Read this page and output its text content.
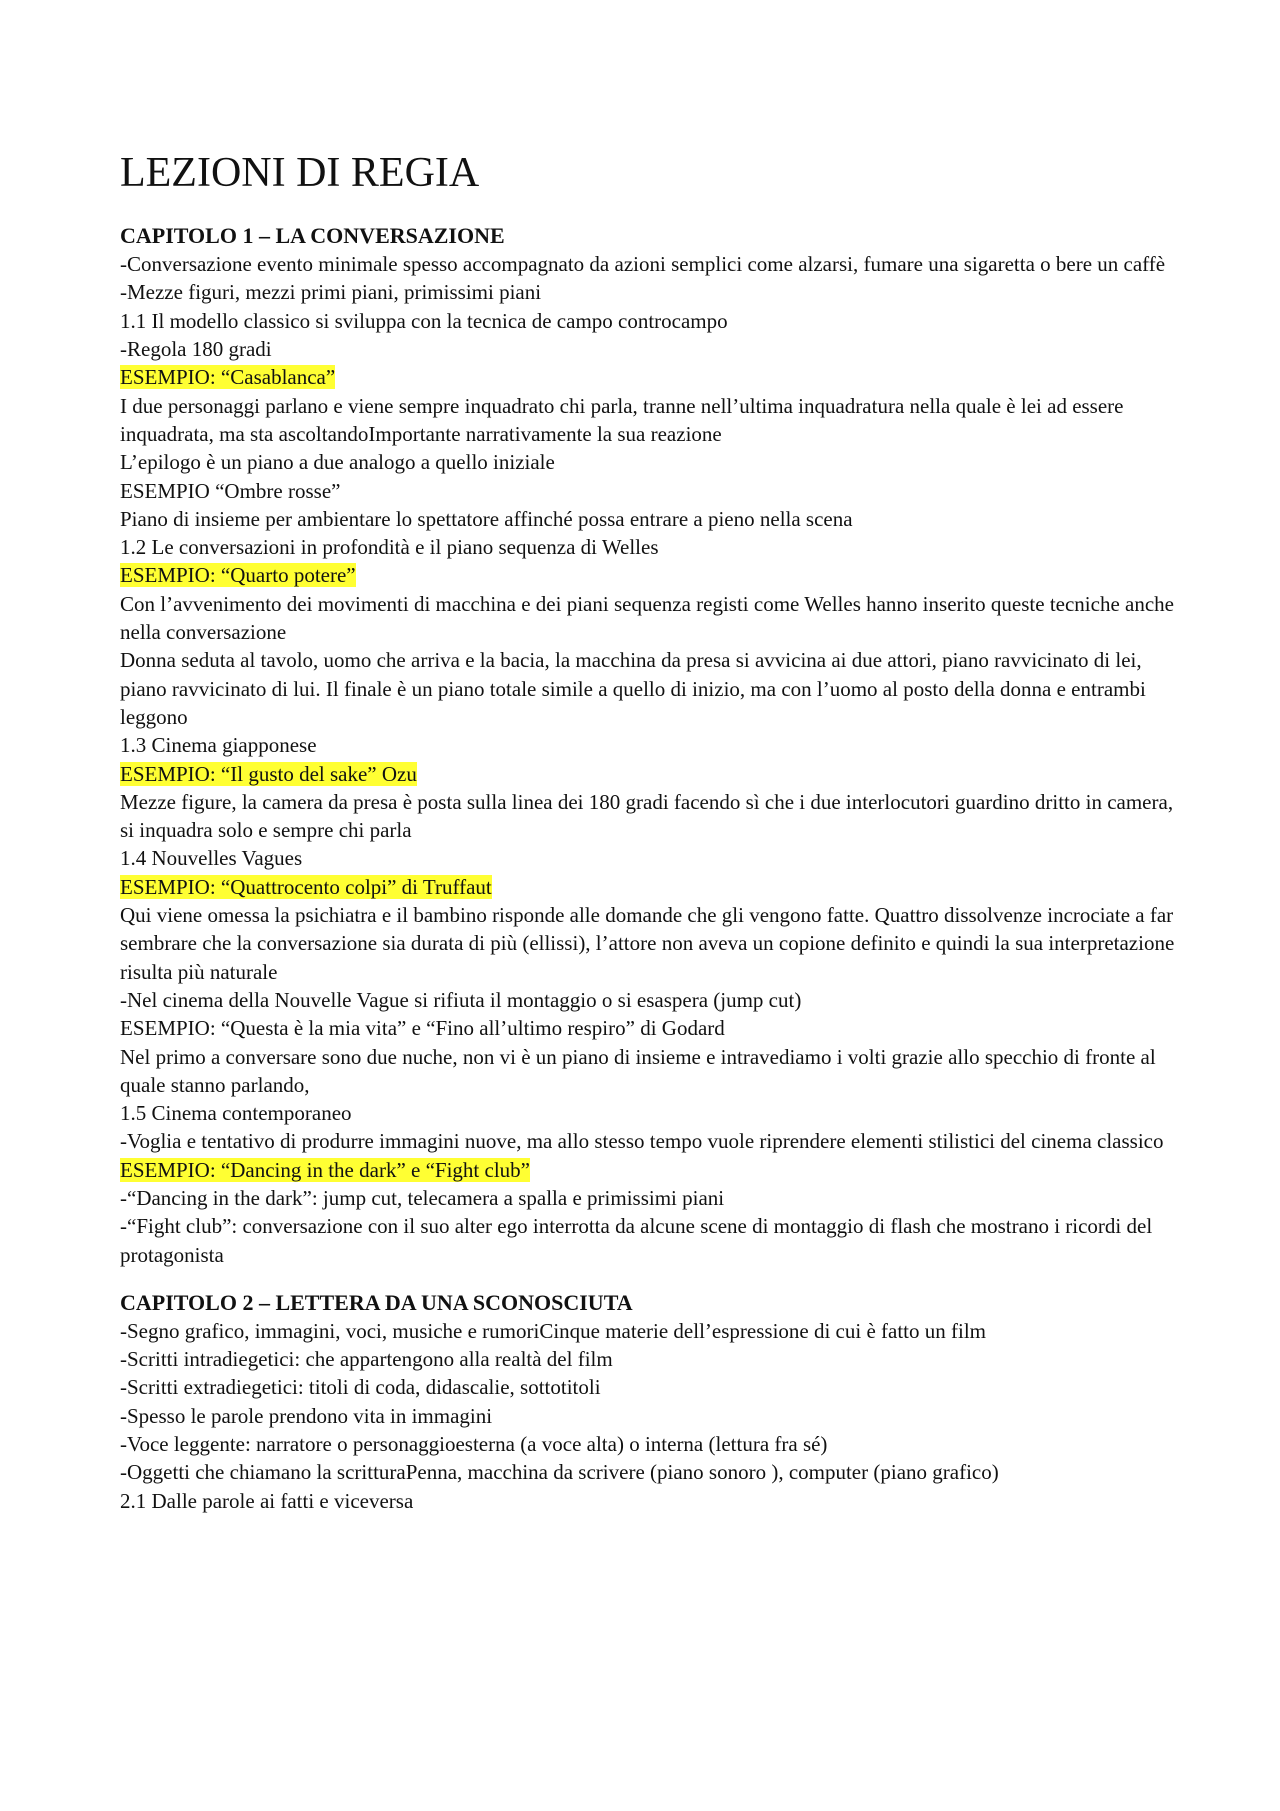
LEZIONI DI REGIA
CAPITOLO 1 – LA CONVERSAZIONE

-Conversazione evento minimale spesso accompagnato da azioni semplici come alzarsi, fumare una sigaretta o bere un caffè

-Mezze figuri, mezzi primi piani, primissimi piani

1.1 Il modello classico si sviluppa con la tecnica de campo controcampo

-Regola 180 gradi

ESEMPIO: “Casablanca”

I due personaggi parlano e viene sempre inquadrato chi parla, tranne nell’ultima inquadratura nella quale è lei ad essere inquadrata, ma sta ascoltandoImportante narrativamente la sua reazione

L’epilogo è un piano a due analogo a quello iniziale

ESEMPIO “Ombre rosse”

Piano di insieme per ambientare lo spettatore affinché possa entrare a pieno nella scena

1.2 Le conversazioni in profondità e il piano sequenza di Welles

ESEMPIO: “Quarto potere”

Con l’avvenimento dei movimenti di macchina e dei piani sequenza registi come Welles hanno inserito queste tecniche anche nella conversazione

Donna seduta al tavolo, uomo che arriva e la bacia, la macchina da presa si avvicina ai due attori, piano ravvicinato di lei, piano ravvicinato di lui. Il finale è un piano totale simile a quello di inizio, ma con l’uomo al posto della donna e entrambi leggono

1.3 Cinema giapponese

ESEMPIO: “Il gusto del sake” Ozu

Mezze figure, la camera da presa è posta sulla linea dei 180 gradi facendo sì che i due interlocutori guardino dritto in camera, si inquadra solo e sempre chi parla

1.4 Nouvelles Vagues

ESEMPIO: “Quattrocento colpi” di Truffaut

Qui viene omessa la psichiatra e il bambino risponde alle domande che gli vengono fatte. Quattro dissolvenze incrociate a far sembrare che la conversazione sia durata di più (ellissi), l’attore non aveva un copione definito e quindi la sua interpretazione risulta più naturale

-Nel cinema della Nouvelle Vague si rifiuta il montaggio o si esaspera (jump cut)

ESEMPIO: “Questa è la mia vita” e “Fino all’ultimo respiro” di Godard

Nel primo a conversare sono due nuche, non vi è un piano di insieme e intravediamo i volti grazie allo specchio di fronte al quale stanno parlando,

1.5 Cinema contemporaneo

-Voglia e tentativo di produrre immagini nuove, ma allo stesso tempo vuole riprendere elementi stilistici del cinema classico

ESEMPIO: “Dancing in the dark” e “Fight club”

-“Dancing in the dark”: jump cut, telecamera a spalla e primissimi piani

-“Fight club”: conversazione con il suo alter ego interrotta da alcune scene di montaggio di flash che mostrano i ricordi del protagonista

CAPITOLO 2 – LETTERA DA UNA SCONOSCIUTA

-Segno grafico, immagini, voci, musiche e rumoriCinque materie dell’espressione di cui è fatto un film

-Scritti intradiegetici: che appartengono alla realtà del film

-Scritti extradiegetici: titoli di coda, didascalie, sottotitoli

-Spesso le parole prendono vita in immagini

-Voce leggente: narratore o personaggioesterna (a voce alta) o interna (lettura fra sé)

-Oggetti che chiamano la scritturaPenna, macchina da scrivere (piano sonoro ), computer (piano grafico)

2.1 Dalle parole ai fatti e viceversa
